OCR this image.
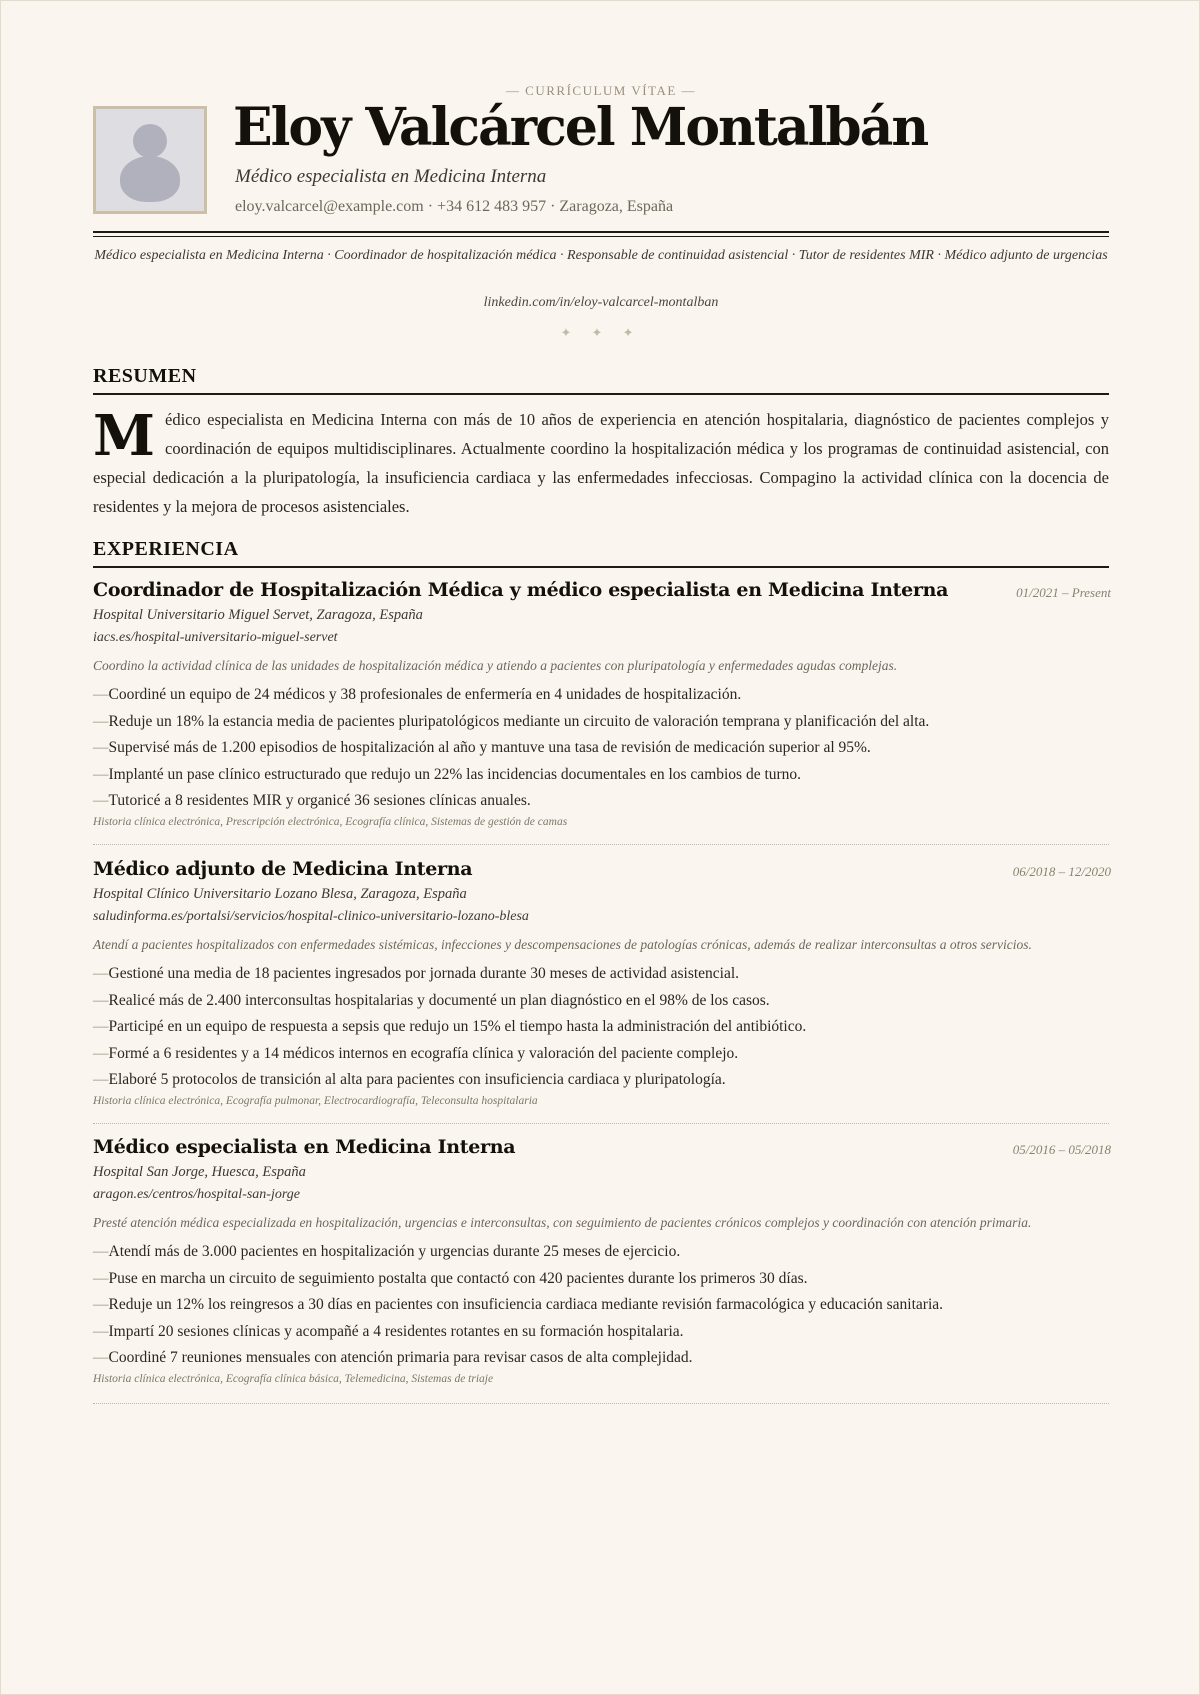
— CURRÍCULUM VÍTAE —
Eloy Valcárcel Montalbán
Médico especialista en Medicina Interna
eloy.valcarcel@example.com · +34 612 483 957 · Zaragoza, España
Médico especialista en Medicina Interna · Coordinador de hospitalización médica · Responsable de continuidad asistencial · Tutor de residentes MIR · Médico adjunto de urgencias
linkedin.com/in/eloy-valcarcel-montalban
✦ ✦ ✦
RESUMEN
M édico especialista en Medicina Interna con más de 10 años de experiencia en atención hospitalaria, diagnóstico de pacientes complejos y coordinación de equipos multidisciplinares. Actualmente coordino la hospitalización médica y los programas de continuidad asistencial, con especial dedicación a la pluripatología, la insuficiencia cardiaca y las enfermedades infecciosas. Compagino la actividad clínica con la docencia de residentes y la mejora de procesos asistenciales.
EXPERIENCIA
Coordinador de Hospitalización Médica y médico especialista en Medicina Interna	01/2021 – Present
Hospital Universitario Miguel Servet, Zaragoza, España
iacs.es/hospital-universitario-miguel-servet
Coordino la actividad clínica de las unidades de hospitalización médica y atiendo a pacientes con pluripatología y enfermedades agudas complejas.
— Coordiné un equipo de 24 médicos y 38 profesionales de enfermería en 4 unidades de hospitalización.
— Reduje un 18% la estancia media de pacientes pluripatológicos mediante un circuito de valoración temprana y planificación del alta.
— Supervisé más de 1.200 episodios de hospitalización al año y mantuve una tasa de revisión de medicación superior al 95%.
— Implanté un pase clínico estructurado que redujo un 22% las incidencias documentales en los cambios de turno.
— Tutoricé a 8 residentes MIR y organicé 36 sesiones clínicas anuales.
Historia clínica electrónica, Prescripción electrónica, Ecografía clínica, Sistemas de gestión de camas
Médico adjunto de Medicina Interna	06/2018 – 12/2020
Hospital Clínico Universitario Lozano Blesa, Zaragoza, España
saludinforma.es/portalsi/servicios/hospital-clinico-universitario-lozano-blesa
Atendí a pacientes hospitalizados con enfermedades sistémicas, infecciones y descompensaciones de patologías crónicas, además de realizar interconsultas a otros servicios.
— Gestioné una media de 18 pacientes ingresados por jornada durante 30 meses de actividad asistencial.
— Realicé más de 2.400 interconsultas hospitalarias y documenté un plan diagnóstico en el 98% de los casos.
— Participé en un equipo de respuesta a sepsis que redujo un 15% el tiempo hasta la administración del antibiótico.
— Formé a 6 residentes y a 14 médicos internos en ecografía clínica y valoración del paciente complejo.
— Elaboré 5 protocolos de transición al alta para pacientes con insuficiencia cardiaca y pluripatología.
Historia clínica electrónica, Ecografía pulmonar, Electrocardiografía, Teleconsulta hospitalaria
Médico especialista en Medicina Interna	05/2016 – 05/2018
Hospital San Jorge, Huesca, España
aragon.es/centros/hospital-san-jorge
Presté atención médica especializada en hospitalización, urgencias e interconsultas, con seguimiento de pacientes crónicos complejos y coordinación con atención primaria.
— Atendí más de 3.000 pacientes en hospitalización y urgencias durante 25 meses de ejercicio.
— Puse en marcha un circuito de seguimiento postalta que contactó con 420 pacientes durante los primeros 30 días.
— Reduje un 12% los reingresos a 30 días en pacientes con insuficiencia cardiaca mediante revisión farmacológica y educación sanitaria.
— Impartí 20 sesiones clínicas y acompañé a 4 residentes rotantes en su formación hospitalaria.
— Coordiné 7 reuniones mensuales con atención primaria para revisar casos de alta complejidad.
Historia clínica electrónica, Ecografía clínica básica, Telemedicina, Sistemas de triaje
